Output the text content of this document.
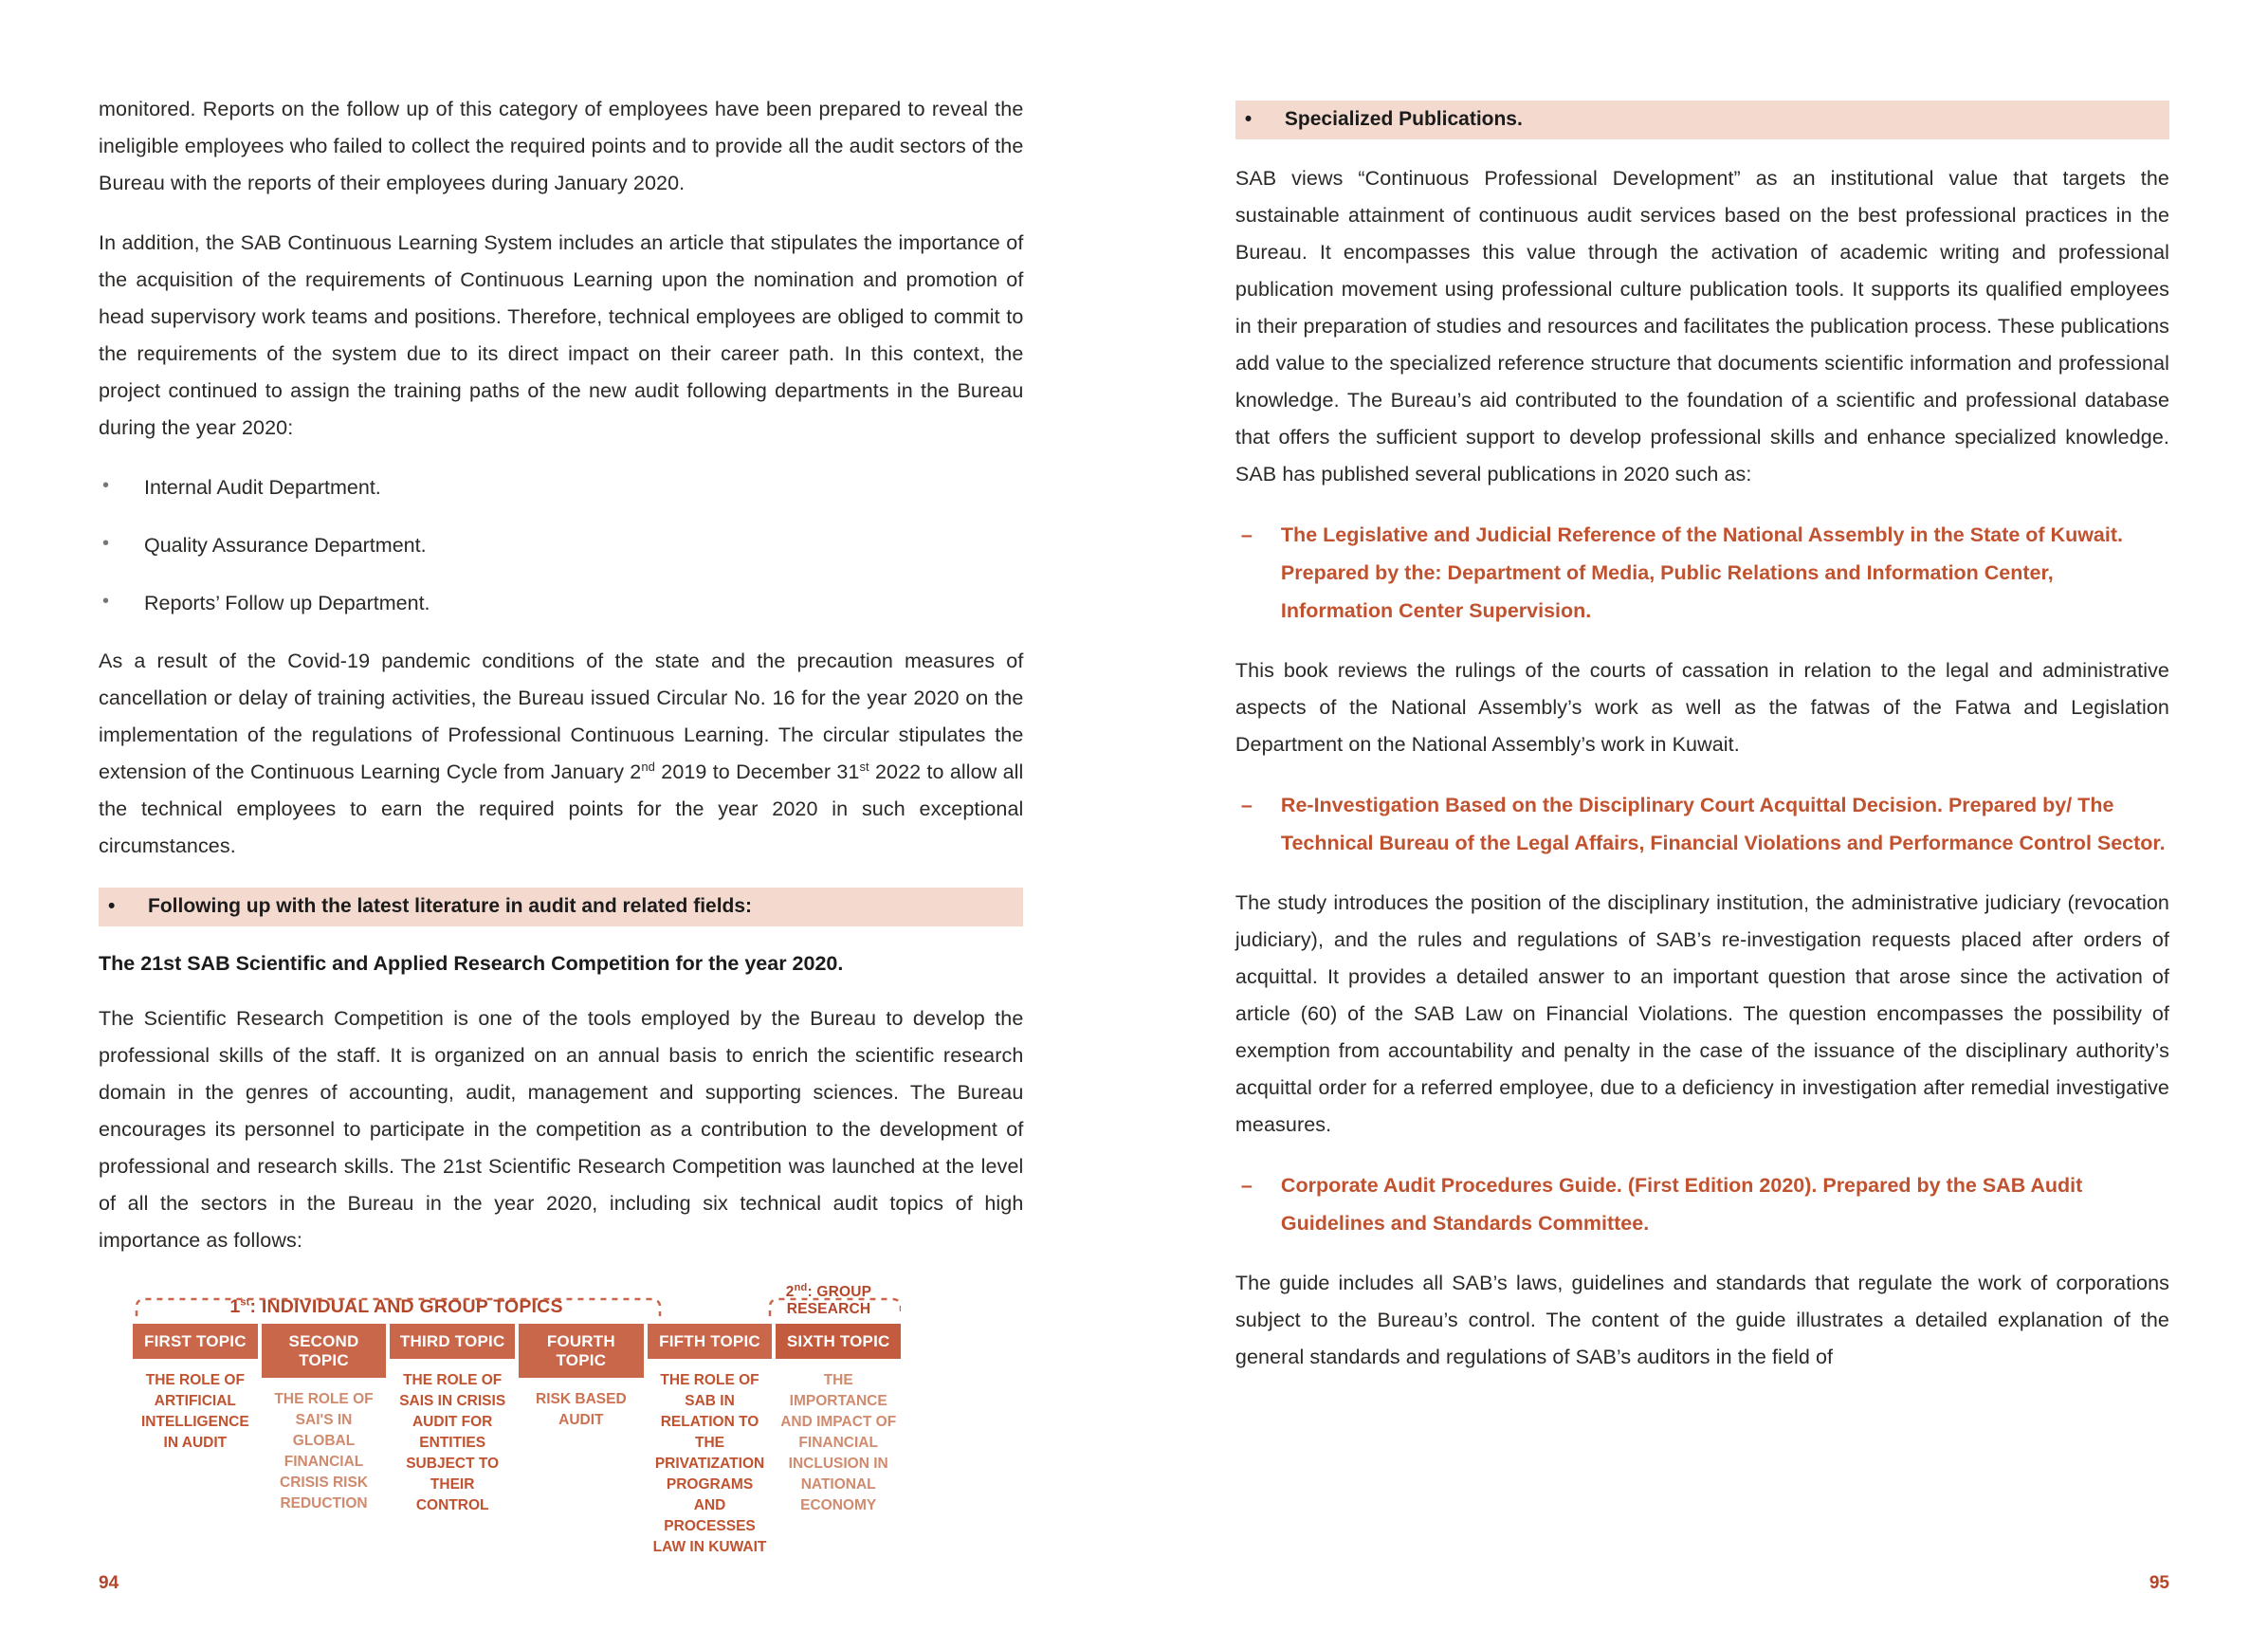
monitored. Reports on the follow up of this category of employees have been prepared to reveal the ineligible employees who failed to collect the required points and to provide all the audit sectors of the Bureau with the reports of their employees during January 2020.

In addition, the SAB Continuous Learning System includes an article that stipulates the importance of the acquisition of the requirements of Continuous Learning upon the nomination and promotion of head supervisory work teams and positions. Therefore, technical employees are obliged to commit to the requirements of the system due to its direct impact on their career path. In this context, the project continued to assign the training paths of the new audit following departments in the Bureau during the year 2020:

• Internal Audit Department.
• Quality Assurance Department.
• Reports’ Follow up Department.

As a result of the Covid-19 pandemic conditions of the state and the precaution measures of cancellation or delay of training activities, the Bureau issued Circular No. 16 for the year 2020 on the implementation of the regulations of Professional Continuous Learning. The circular stipulates the extension of the Continuous Learning Cycle from January 2nd 2019 to December 31st 2022 to allow all the technical employees to earn the required points for the year 2020 in such exceptional circumstances.

• Following up with the latest literature in audit and related fields:
The 21st SAB Scientific and Applied Research Competition for the year 2020.

The Scientific Research Competition is one of the tools employed by the Bureau to develop the professional skills of the staff. It is organized on an annual basis to enrich the scientific research domain in the genres of accounting, audit, management and supporting sciences. The Bureau encourages its personnel to participate in the competition as a contribution to the development of professional and research skills. The 21st Scientific Research Competition was launched at the level of all the sectors in the Bureau in the year 2020, including six technical audit topics of high importance as follows:

1st: INDIVIDUAL AND GROUP TOPICS
2nd: GROUP RESEARCH
FIRST TOPIC
THE ROLE OF ARTIFICIAL INTELLIGENCE IN AUDIT
SECOND TOPIC
THE ROLE OF SAI'S IN GLOBAL FINANCIAL CRISIS RISK REDUCTION
THIRD TOPIC
THE ROLE OF SAIS IN CRISIS AUDIT FOR ENTITIES SUBJECT TO THEIR CONTROL
FOURTH TOPIC
RISK BASED AUDIT
FIFTH TOPIC
THE ROLE OF SAB IN RELATION TO THE PRIVATIZATION PROGRAMS AND PROCESSES LAW IN KUWAIT
SIXTH TOPIC
THE IMPORTANCE AND IMPACT OF FINANCIAL INCLUSION IN NATIONAL ECONOMY
• Specialized Publications.

SAB views “Continuous Professional Development” as an institutional value that targets the sustainable attainment of continuous audit services based on the best professional practices in the Bureau. It encompasses this value through the activation of academic writing and professional publication movement using professional culture publication tools. It supports its qualified employees in their preparation of studies and resources and facilitates the publication process. These publications add value to the specialized reference structure that documents scientific information and professional knowledge. The Bureau’s aid contributed to the foundation of a scientific and professional database that offers the sufficient support to develop professional skills and enhance specialized knowledge. SAB has published several publications in 2020 such as:

– The Legislative and Judicial Reference of the National Assembly in the State of Kuwait. Prepared by the: Department of Media, Public Relations and Information Center, Information Center Supervision.

This book reviews the rulings of the courts of cassation in relation to the legal and administrative aspects of the National Assembly’s work as well as the fatwas of the Fatwa and Legislation Department on the National Assembly’s work in Kuwait.

– Re-Investigation Based on the Disciplinary Court Acquittal Decision. Prepared by/ The Technical Bureau of the Legal Affairs, Financial Violations and Performance Control Sector.

The study introduces the position of the disciplinary institution, the administrative judiciary (revocation judiciary), and the rules and regulations of SAB’s re-investigation requests placed after orders of acquittal. It provides a detailed answer to an important question that arose since the activation of article (60) of the SAB Law on Financial Violations. The question encompasses the possibility of exemption from accountability and penalty in the case of the issuance of the disciplinary authority’s acquittal order for a referred employee, due to a deficiency in investigation after remedial investigative measures.

– Corporate Audit Procedures Guide. (First Edition 2020). Prepared by the SAB Audit Guidelines and Standards Committee.

The guide includes all SAB’s laws, guidelines and standards that regulate the work of corporations subject to the Bureau’s control. The content of the guide illustrates a detailed explanation of the general standards and regulations of SAB’s auditors in the field of

94	95
